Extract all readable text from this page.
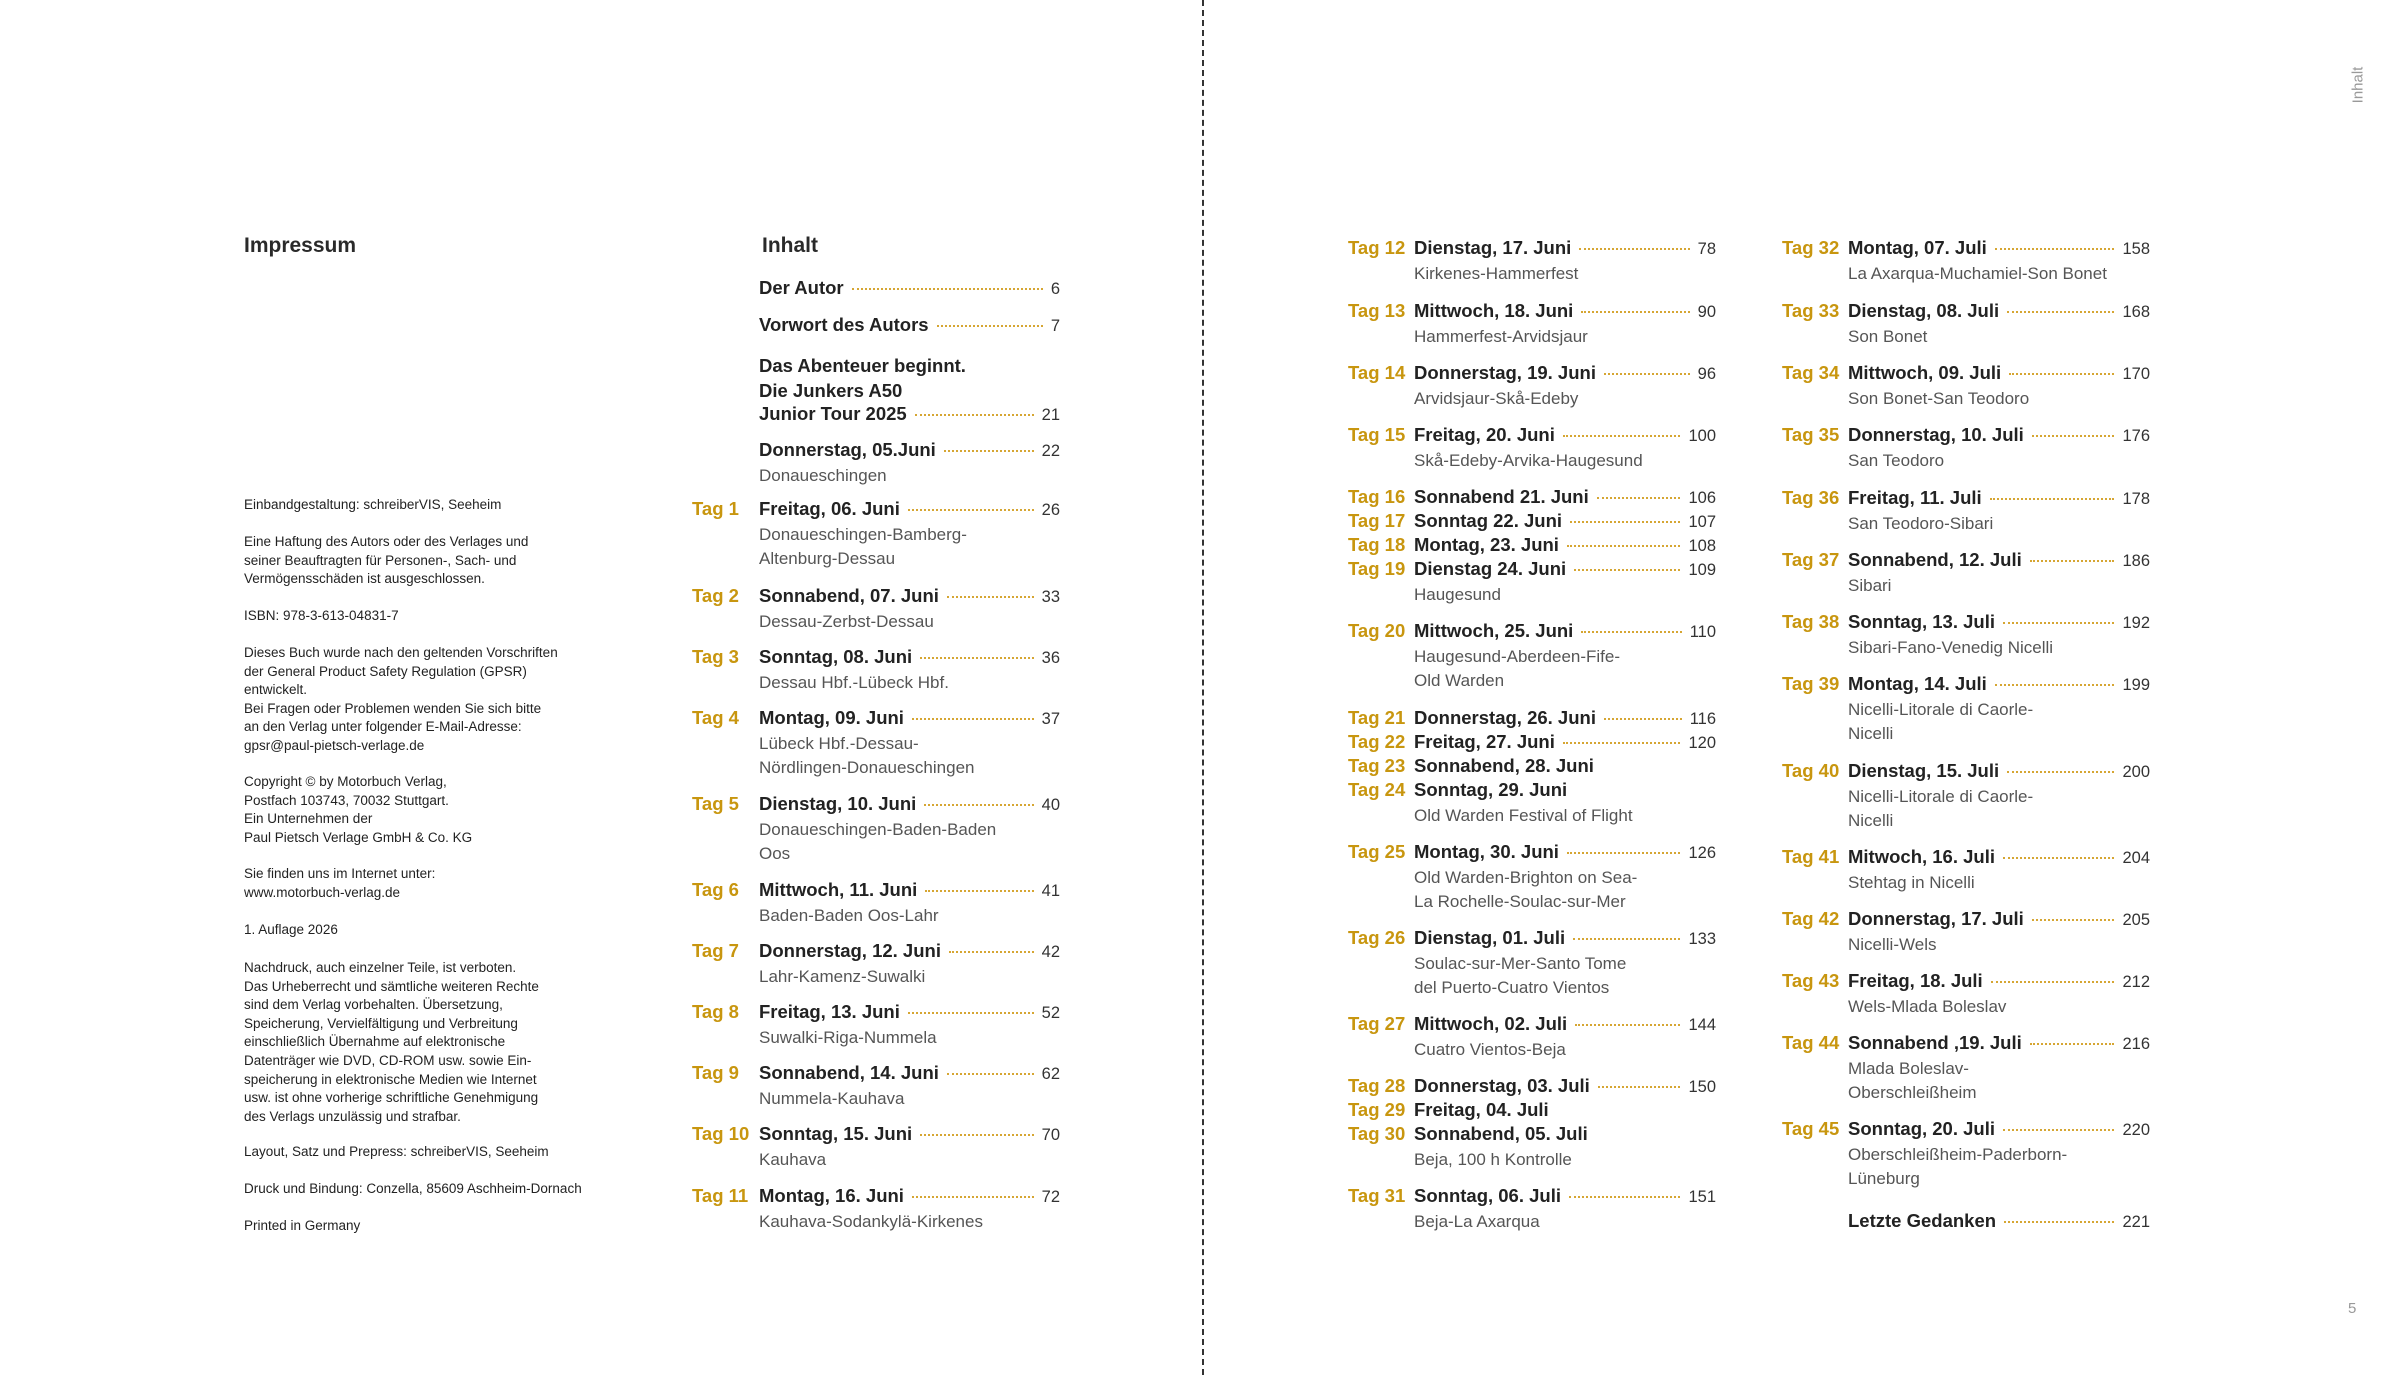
Inhalt
5
Impressum
Einbandgestaltung: schreiberVIS, Seeheim
Eine Haftung des Autors oder des Verlages und
seiner Beauftragten für Personen-, Sach- und
Vermögensschäden ist ausgeschlossen.
ISBN: 978-3-613-04831-7
Dieses Buch wurde nach den geltenden Vorschriften
der General Product Safety Regulation (GPSR)
entwickelt.
Bei Fragen oder Problemen wenden Sie sich bitte
an den Verlag unter folgender E-Mail-Adresse:
gpsr@paul-pietsch-verlage.de
Copyright © by Motorbuch Verlag,
Postfach 103743, 70032 Stuttgart.
Ein Unternehmen der
Paul Pietsch Verlage GmbH & Co. KG
Sie finden uns im Internet unter:
www.motorbuch-verlag.de
1. Auflage 2026
Nachdruck, auch einzelner Teile, ist verboten.
Das Urheberrecht und sämtliche weiteren Rechte
sind dem Verlag vorbehalten. Übersetzung,
Speicherung, Vervielfältigung und Verbreitung
einschließlich Übernahme auf elektronische
Datenträger wie DVD, CD-ROM usw. sowie Ein-
speicherung in elektronische Medien wie Internet
usw. ist ohne vorherige schriftliche Genehmigung
des Verlags unzulässig und strafbar.
Layout, Satz und Prepress: schreiberVIS, Seeheim
Druck und Bindung: Conzella, 85609 Aschheim-Dornach
Printed in Germany
Inhalt
Der Autor	6
Vorwort des Autors	7
Das Abenteuer beginnt.
Die Junkers A50
Junior Tour 2025	21
Donnerstag, 05.Juni	22
Donaueschingen
Tag 1 Freitag, 06. Juni	26
Donaueschingen-Bamberg-
Altenburg-Dessau
Tag 2 Sonnabend, 07. Juni	33
Dessau-Zerbst-Dessau
Tag 3 Sonntag, 08. Juni	36
Dessau Hbf.-Lübeck Hbf.
Tag 4 Montag, 09. Juni	37
Lübeck Hbf.-Dessau-
Nördlingen-Donaueschingen
Tag 5 Dienstag, 10. Juni	40
Donaueschingen-Baden-Baden
Oos
Tag 6 Mittwoch, 11. Juni	41
Baden-Baden Oos-Lahr
Tag 7 Donnerstag, 12. Juni	42
Lahr-Kamenz-Suwalki
Tag 8 Freitag, 13. Juni	52
Suwalki-Riga-Nummela
Tag 9 Sonnabend, 14. Juni	62
Nummela-Kauhava
Tag 10 Sonntag, 15. Juni	70
Kauhava
Tag 11 Montag, 16. Juni	72
Kauhava-Sodankylä-Kirkenes
Tag 12 Dienstag, 17. Juni	78
Kirkenes-Hammerfest
Tag 13 Mittwoch, 18. Juni	90
Hammerfest-Arvidsjaur
Tag 14 Donnerstag, 19. Juni	96
Arvidsjaur-Skå-Edeby
Tag 15 Freitag, 20. Juni	100
Skå-Edeby-Arvika-Haugesund
Tag 16 Sonnabend 21. Juni	106
Tag 17 Sonntag 22. Juni	107
Tag 18 Montag, 23. Juni	108
Tag 19 Dienstag 24. Juni	109
Haugesund
Tag 20 Mittwoch, 25. Juni	110
Haugesund-Aberdeen-Fife-
Old Warden
Tag 21 Donnerstag, 26. Juni	116
Tag 22 Freitag, 27. Juni	120
Tag 23 Sonnabend, 28. Juni
Tag 24 Sonntag, 29. Juni
Old Warden Festival of Flight
Tag 25 Montag, 30. Juni	126
Old Warden-Brighton on Sea-
La Rochelle-Soulac-sur-Mer
Tag 26 Dienstag, 01. Juli	133
Soulac-sur-Mer-Santo Tome
del Puerto-Cuatro Vientos
Tag 27 Mittwoch, 02. Juli	144
Cuatro Vientos-Beja
Tag 28 Donnerstag, 03. Juli	150
Tag 29 Freitag, 04. Juli
Tag 30 Sonnabend, 05. Juli
Beja, 100 h Kontrolle
Tag 31 Sonntag, 06. Juli	151
Beja-La Axarqua
Tag 32 Montag, 07. Juli	158
La Axarqua-Muchamiel-Son Bonet
Tag 33 Dienstag, 08. Juli	168
Son Bonet
Tag 34 Mittwoch, 09. Juli	170
Son Bonet-San Teodoro
Tag 35 Donnerstag, 10. Juli	176
San Teodoro
Tag 36 Freitag, 11. Juli	178
San Teodoro-Sibari
Tag 37 Sonnabend, 12. Juli	186
Sibari
Tag 38 Sonntag, 13. Juli	192
Sibari-Fano-Venedig Nicelli
Tag 39 Montag, 14. Juli	199
Nicelli-Litorale di Caorle-
Nicelli
Tag 40 Dienstag, 15. Juli	200
Nicelli-Litorale di Caorle-
Nicelli
Tag 41 Mitwoch, 16. Juli	204
Stehtag in Nicelli
Tag 42 Donnerstag, 17. Juli	205
Nicelli-Wels
Tag 43 Freitag, 18. Juli	212
Wels-Mlada Boleslav
Tag 44 Sonnabend ,19. Juli	216
Mlada Boleslav-
Oberschleißheim
Tag 45 Sonntag, 20. Juli	220
Oberschleißheim-Paderborn-
Lüneburg
Letzte Gedanken	221
